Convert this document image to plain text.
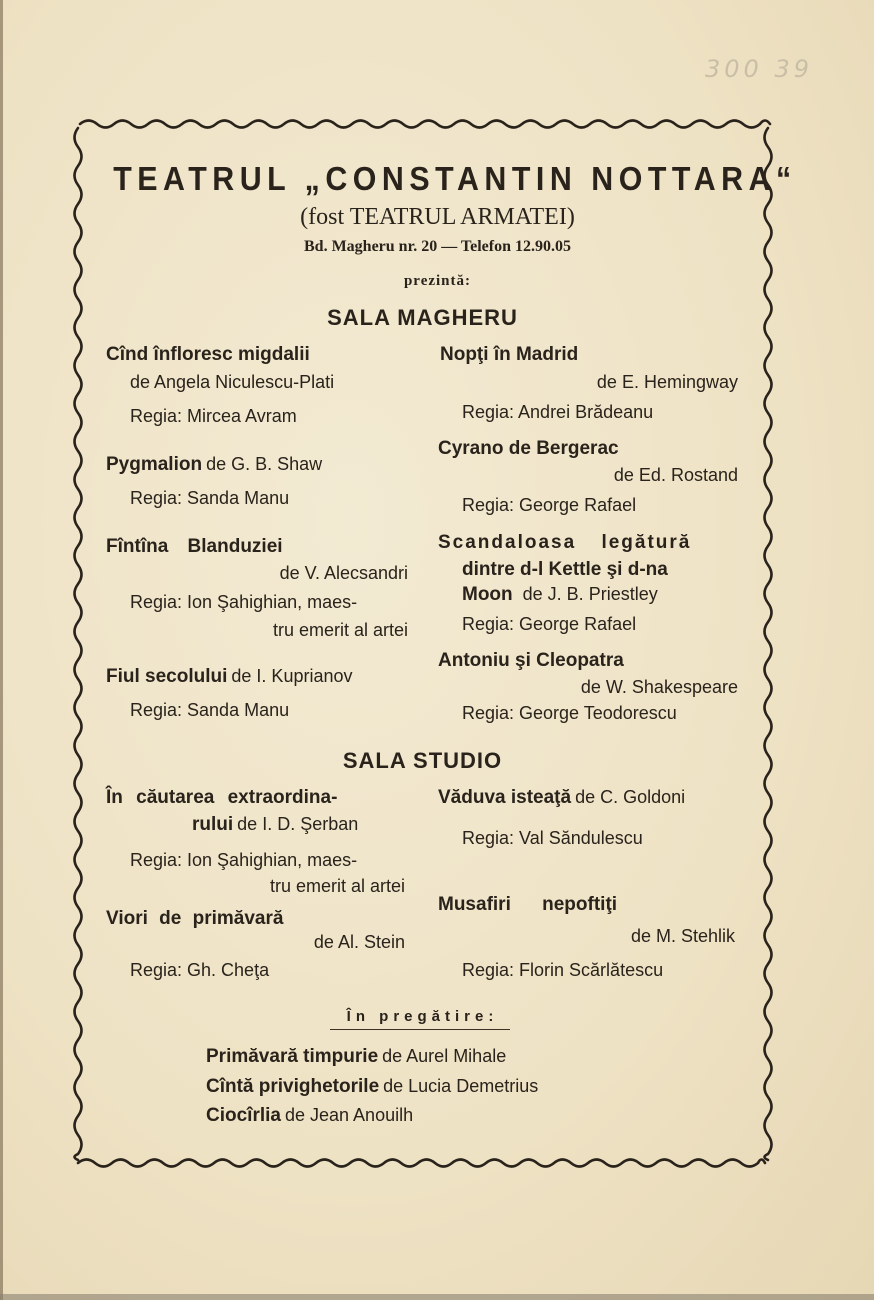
300 39
TEATRUL „CONSTANTIN NOTTARA“
(fost TEATRUL ARMATEI)
Bd. Magheru nr. 20 — Telefon 12.90.05
prezintă:
SALA MAGHERU
Cînd înfloresc migdalii
de Angela Niculescu-Plati
Regia: Mircea Avram
Pygmalion de G. B. Shaw
Regia: Sanda Manu
Fîntîna Blanduziei
de V. Alecsandri
Regia: Ion Şahighian, maes-
tru emerit al artei
Fiul secolului de I. Kuprianov
Regia: Sanda Manu
Nopţi în Madrid
de E. Hemingway
Regia: Andrei Brădeanu
Cyrano de Bergerac
de Ed. Rostand
Regia: George Rafael
Scandaloasa legătură
dintre d-l Kettle şi d-na
Moon de J. B. Priestley
Regia: George Rafael
Antoniu şi Cleopatra
de W. Shakespeare
Regia: George Teodorescu
SALA STUDIO
În căutarea extraordina-
rului de I. D. Şerban
Regia: Ion Şahighian, maes-
tru emerit al artei
Viori de primăvară
de Al. Stein
Regia: Gh. Cheţa
Văduva isteaţă de C. Goldoni
Regia: Val Săndulescu
Musafiri nepoftiţi
de M. Stehlik
Regia: Florin Scărlătescu
În pregătire:
Primăvară timpurie de Aurel Mihale
Cîntă privighetorile de Lucia Demetrius
Ciocîrlia de Jean Anouilh
